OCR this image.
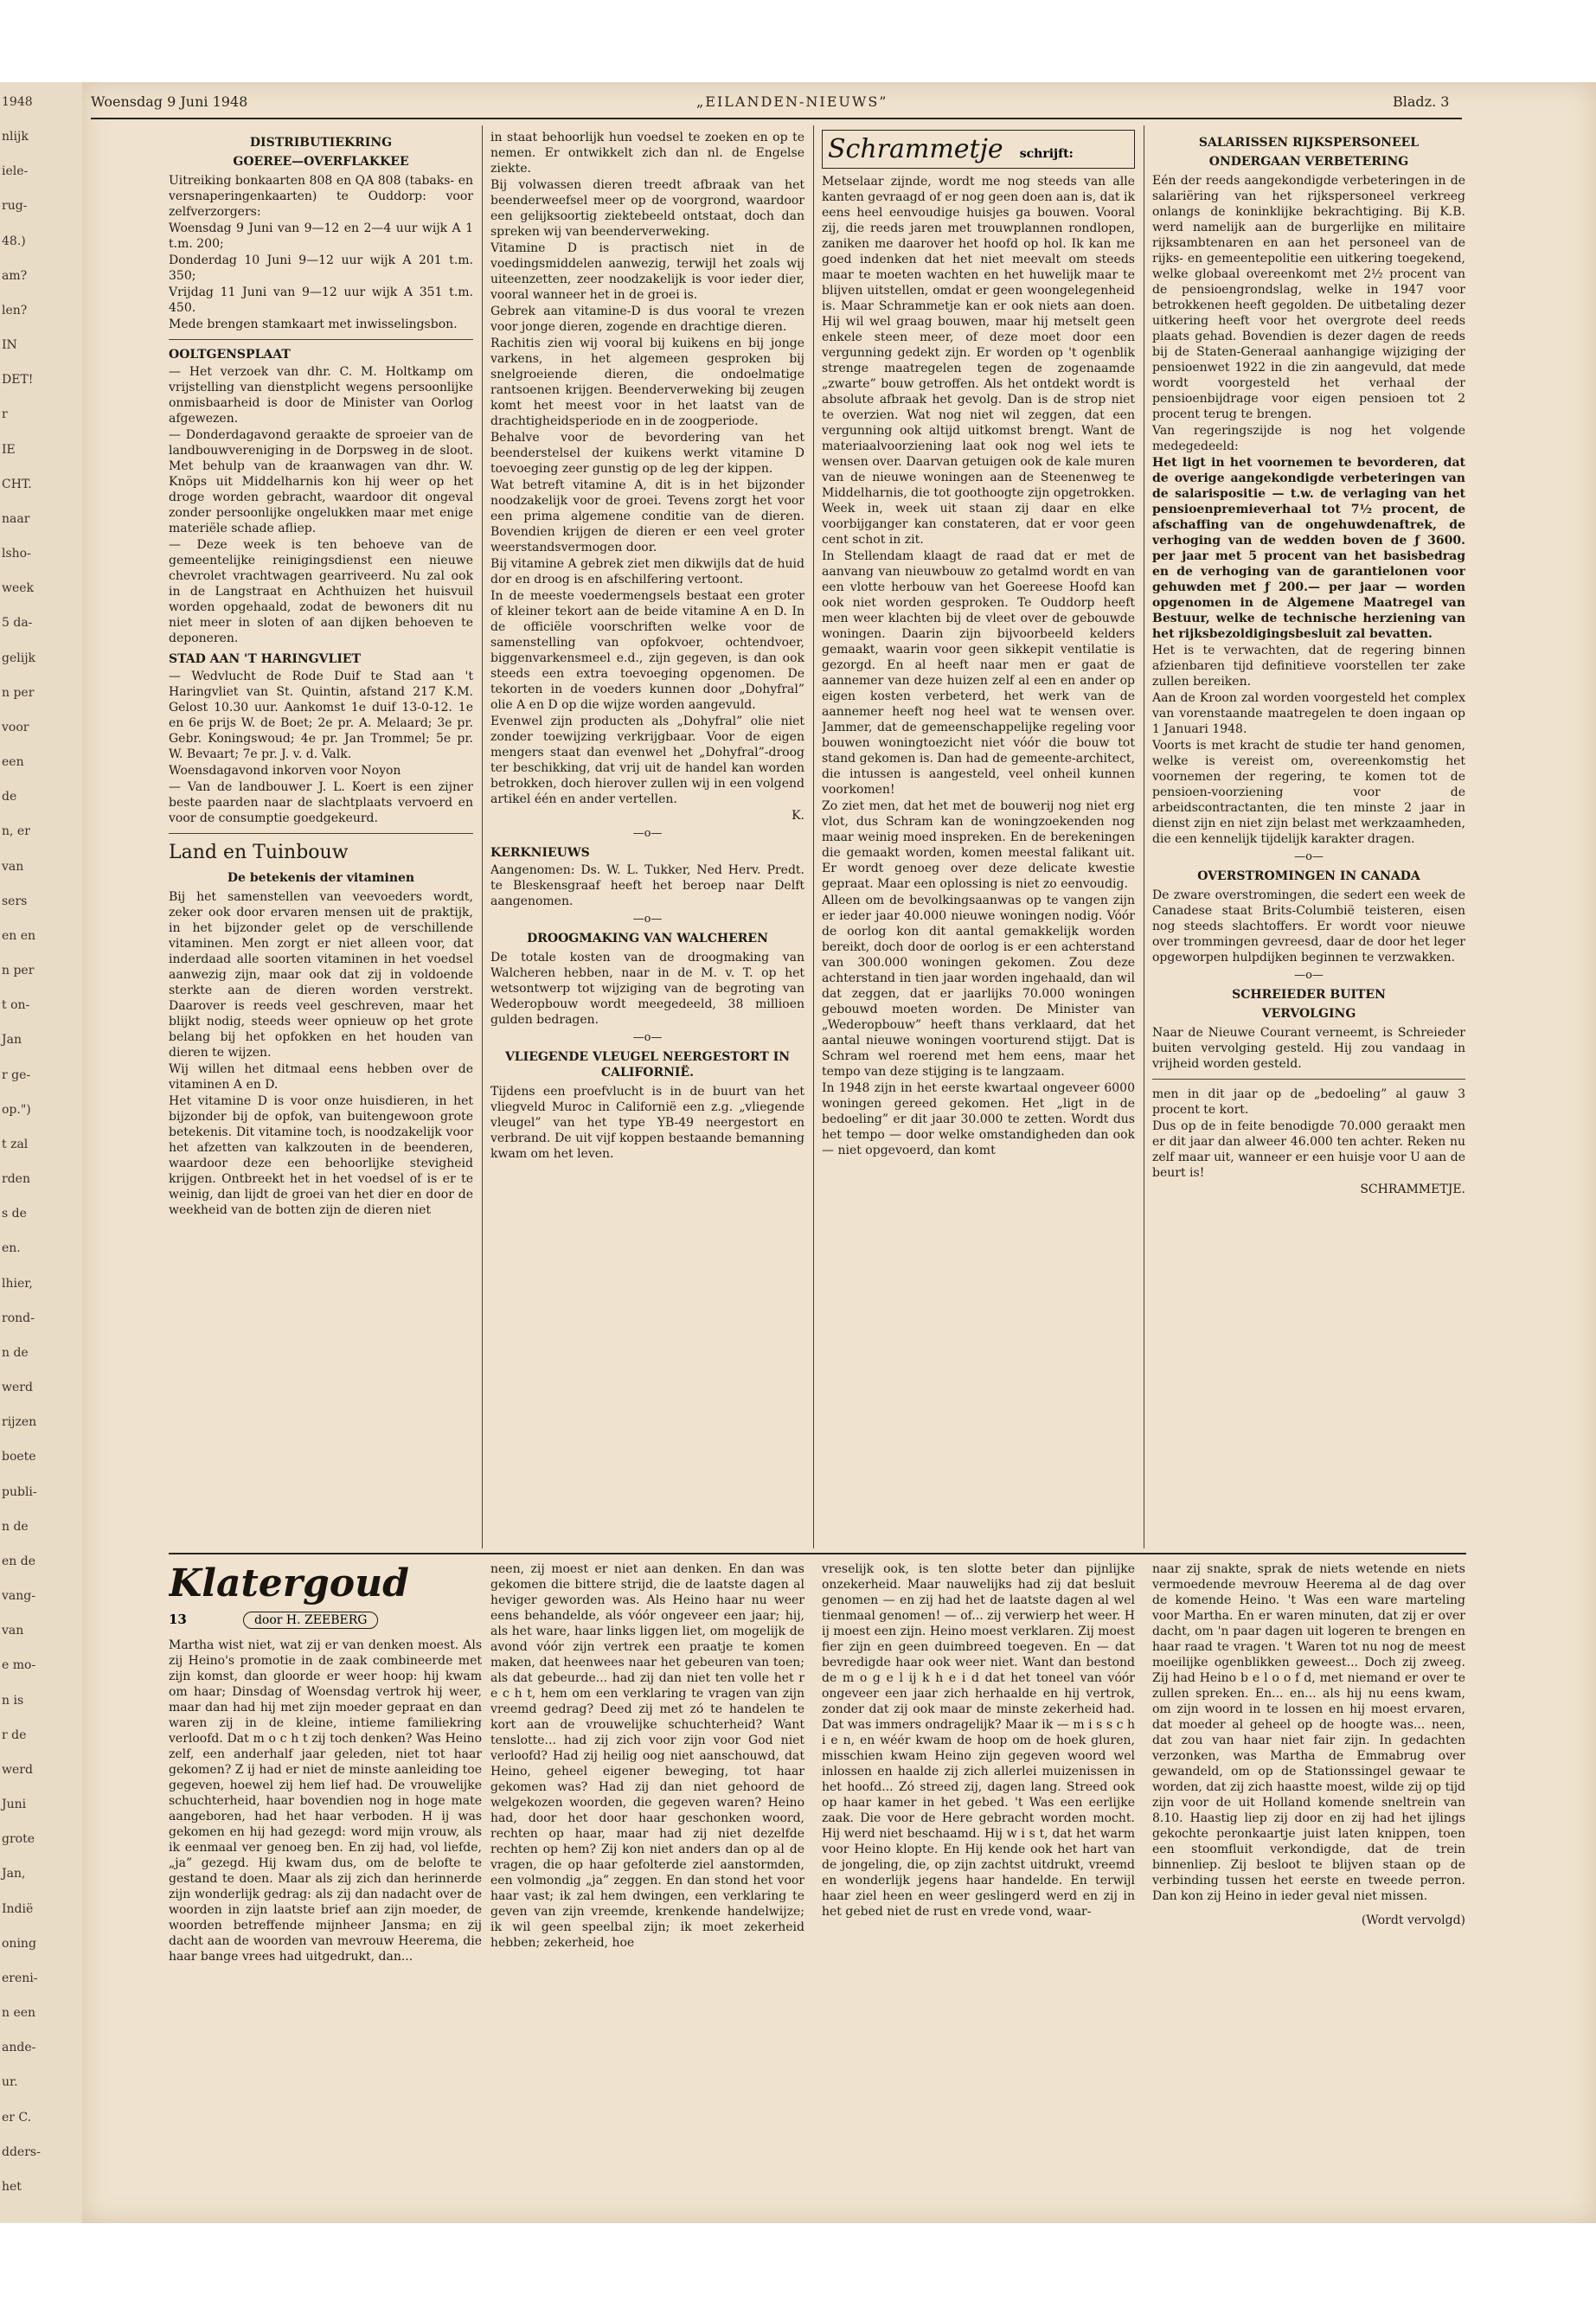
1948
nlijk
iele-
rug-
48.)
am?
len?
IN
DET!
r
IE
CHT.
naar
lsho-
week
5 da-
gelijk
n per
voor
een
de
n, er
van
sers
en en
n per
t on-
Jan
r ge-
op.")
t zal
rden
s de
en.
lhier,
rond-
n de
werd
rijzen
boete
publi-
n de
en de
vang-
van
e mo-
n is
r de
werd
Juni
grote
Jan,
Indië
oning
ereni-
n een
ande-
ur.
er C.
dders-
het
Woensdag 9 Juni 1948	„EILANDEN-NIEUWS”	Bladz. 3
DISTRIBUTIEKRING
GOEREE—OVERFLAKKEE

Uitreiking bonkaarten 808 en QA 808 (tabaks- en versnaperingenkaarten) te Ouddorp: voor zelfverzorgers:

Woensdag 9 Juni van 9—12 en 2—4 uur wijk A 1 t.m. 200;

Donderdag 10 Juni 9—12 uur wijk A 201 t.m. 350;

Vrijdag 11 Juni van 9—12 uur wijk A 351 t.m. 450.

Mede brengen stamkaart met inwisselingsbon.

OOLTGENSPLAAT

— Het verzoek van dhr. C. M. Holtkamp om vrijstelling van dienstplicht wegens persoonlijke onmisbaarheid is door de Minister van Oorlog afgewezen.

— Donderdagavond geraakte de sproeier van de landbouwvereniging in de Dorpsweg in de sloot. Met behulp van de kraanwagen van dhr. W. Knöps uit Middelharnis kon hij weer op het droge worden gebracht, waardoor dit ongeval zonder persoonlijke ongelukken maar met enige materiële schade afliep.

— Deze week is ten behoeve van de gemeentelijke reinigingsdienst een nieuwe chevrolet vrachtwagen gearriveerd. Nu zal ook in de Langstraat en Achthuizen het huisvuil worden opgehaald, zodat de bewoners dit nu niet meer in sloten of aan dijken behoeven te deponeren.

STAD AAN 'T HARINGVLIET

— Wedvlucht de Rode Duif te Stad aan 't Haringvliet van St. Quintin, afstand 217 K.M. Gelost 10.30 uur. Aankomst 1e duif 13-0-12. 1e en 6e prijs W. de Boet; 2e pr. A. Melaard; 3e pr. Gebr. Koningswoud; 4e pr. Jan Trommel; 5e pr. W. Bevaart; 7e pr. J. v. d. Valk.

Woensdagavond inkorven voor Noyon

— Van de landbouwer J. L. Koert is een zijner beste paarden naar de slachtplaats vervoerd en voor de consumptie goedgekeurd.

Land en Tuinbouw
De betekenis der vitaminen

Bij het samenstellen van veevoeders wordt, zeker ook door ervaren mensen uit de praktijk, in het bijzonder gelet op de verschillende vitaminen. Men zorgt er niet alleen voor, dat inderdaad alle soorten vitaminen in het voedsel aanwezig zijn, maar ook dat zij in voldoende sterkte aan de dieren worden verstrekt. Daarover is reeds veel geschreven, maar het blijkt nodig, steeds weer opnieuw op het grote belang bij het opfokken en het houden van dieren te wijzen.

Wij willen het ditmaal eens hebben over de vitaminen A en D.

Het vitamine D is voor onze huisdieren, in het bijzonder bij de opfok, van buitengewoon grote betekenis. Dit vitamine toch, is noodzakelijk voor het afzetten van kalkzouten in de beenderen, waardoor deze een behoorlijke stevigheid krijgen. Ontbreekt het in het voedsel of is er te weinig, dan lijdt de groei van het dier en door de weekheid van de botten zijn de dieren niet

in staat behoorlijk hun voedsel te zoeken en op te nemen. Er ontwikkelt zich dan nl. de Engelse ziekte.

Bij volwassen dieren treedt afbraak van het beenderweefsel meer op de voorgrond, waardoor een gelijksoortig ziektebeeld ontstaat, doch dan spreken wij van beenderverweking.

Vitamine D is practisch niet in de voedingsmiddelen aanwezig, terwijl het zoals wij uiteenzetten, zeer noodzakelijk is voor ieder dier, vooral wanneer het in de groei is.

Gebrek aan vitamine-D is dus vooral te vrezen voor jonge dieren, zogende en drachtige dieren.

Rachitis zien wij vooral bij kuikens en bij jonge varkens, in het algemeen gesproken bij snelgroeiende dieren, die ondoelmatige rantsoenen krijgen. Beenderverweking bij zeugen komt het meest voor in het laatst van de drachtigheidsperiode en in de zoogperiode.

Behalve voor de bevordering van het beenderstelsel der kuikens werkt vitamine D toevoeging zeer gunstig op de leg der kippen.

Wat betreft vitamine A, dit is in het bijzonder noodzakelijk voor de groei. Tevens zorgt het voor een prima algemene conditie van de dieren. Bovendien krijgen de dieren er een veel groter weerstandsvermogen door.

Bij vitamine A gebrek ziet men dikwijls dat de huid dor en droog is en afschilfering vertoont.

In de meeste voedermengsels bestaat een groter of kleiner tekort aan de beide vitamine A en D. In de officiële voorschriften welke voor de samenstelling van opfokvoer, ochtendvoer, biggenvarkensmeel e.d., zijn gegeven, is dan ook steeds een extra toevoeging opgenomen. De tekorten in de voeders kunnen door „Dohyfral” olie A en D op die wijze worden aangevuld.

Evenwel zijn producten als „Dohyfral” olie niet zonder toewijzing verkrijgbaar. Voor de eigen mengers staat dan evenwel het „Dohyfral”-droog ter beschikking, dat vrij uit de handel kan worden betrokken, doch hierover zullen wij in een volgend artikel één en ander vertellen.

K.

—o—
KERKNIEUWS

Aangenomen: Ds. W. L. Tukker, Ned Herv. Predt. te Bleskensgraaf heeft het beroep naar Delft aangenomen.

—o—
DROOGMAKING VAN WALCHEREN

De totale kosten van de droogmaking van Walcheren hebben, naar in de M. v. T. op het wetsontwerp tot wijziging van de begroting van Wederopbouw wordt meegedeeld, 38 millioen gulden bedragen.

—o—
VLIEGENDE VLEUGEL NEERGESTORT IN CALIFORNIË.

Tijdens een proefvlucht is in de buurt van het vliegveld Muroc in Californië een z.g. „vliegende vleugel” van het type YB-49 neergestort en verbrand. De uit vijf koppen bestaande bemanning kwam om het leven.

Schrammetje schrijft:

Metselaar zijnde, wordt me nog steeds van alle kanten gevraagd of er nog geen doen aan is, dat ik eens heel eenvoudige huisjes ga bouwen. Vooral zij, die reeds jaren met trouwplannen rondlopen, zaniken me daarover het hoofd op hol. Ik kan me goed indenken dat het niet meevalt om steeds maar te moeten wachten en het huwelijk maar te blijven uitstellen, omdat er geen woongelegenheid is. Maar Schrammetje kan er ook niets aan doen. Hij wil wel graag bouwen, maar hij metselt geen enkele steen meer, of deze moet door een vergunning gedekt zijn. Er worden op 't ogenblik strenge maatregelen tegen de zogenaamde „zwarte” bouw getroffen. Als het ontdekt wordt is absolute afbraak het gevolg. Dan is de strop niet te overzien. Wat nog niet wil zeggen, dat een vergunning ook altijd uitkomst brengt. Want de materiaalvoorziening laat ook nog wel iets te wensen over. Daarvan getuigen ook de kale muren van de nieuwe woningen aan de Steenenweg te Middelharnis, die tot goothoogte zijn opgetrokken. Week in, week uit staan zij daar en elke voorbijganger kan constateren, dat er voor geen cent schot in zit.

In Stellendam klaagt de raad dat er met de aanvang van nieuwbouw zo getalmd wordt en van een vlotte herbouw van het Goereese Hoofd kan ook niet worden gesproken. Te Ouddorp heeft men weer klachten bij de vleet over de gebouwde woningen. Daarin zijn bijvoorbeeld kelders gemaakt, waarin voor geen sikkepit ventilatie is gezorgd. En al heeft naar men er gaat de aannemer van deze huizen zelf al een en ander op eigen kosten verbeterd, het werk van de aannemer heeft nog heel wat te wensen over. Jammer, dat de gemeenschappelijke regeling voor bouwen woningtoezicht niet vóór die bouw tot stand gekomen is. Dan had de gemeente-architect, die intussen is aangesteld, veel onheil kunnen voorkomen!

Zo ziet men, dat het met de bouwerij nog niet erg vlot, dus Schram kan de woningzoekenden nog maar weinig moed inspreken. En de berekeningen die gemaakt worden, komen meestal falikant uit. Er wordt genoeg over deze delicate kwestie gepraat. Maar een oplossing is niet zo eenvoudig.

Alleen om de bevolkingsaanwas op te vangen zijn er ieder jaar 40.000 nieuwe woningen nodig. Vóór de oorlog kon dit aantal gemakkelijk worden bereikt, doch door de oorlog is er een achterstand van 300.000 woningen gekomen. Zou deze achterstand in tien jaar worden ingehaald, dan wil dat zeggen, dat er jaarlijks 70.000 woningen gebouwd moeten worden. De Minister van „Wederopbouw” heeft thans verklaard, dat het aantal nieuwe woningen voorturend stijgt. Dat is Schram wel roerend met hem eens, maar het tempo van deze stijging is te langzaam.

In 1948 zijn in het eerste kwartaal ongeveer 6000 woningen gereed gekomen. Het „ligt in de bedoeling” er dit jaar 30.000 te zetten. Wordt dus het tempo — door welke omstandigheden dan ook — niet opgevoerd, dan komt

SALARISSEN RIJKSPERSONEEL
ONDERGAAN VERBETERING

Eén der reeds aangekondigde verbeteringen in de salariëring van het rijkspersoneel verkreeg onlangs de koninklijke bekrachtiging. Bij K.B. werd namelijk aan de burgerlijke en militaire rijksambtenaren en aan het personeel van de rijks- en gemeentepolitie een uitkering toegekend, welke globaal overeenkomt met 2½ procent van de pensioengrondslag, welke in 1947 voor betrokkenen heeft gegolden. De uitbetaling dezer uitkering heeft voor het overgrote deel reeds plaats gehad. Bovendien is dezer dagen de reeds bij de Staten-Generaal aanhangige wijziging der pensioenwet 1922 in die zin aangevuld, dat mede wordt voorgesteld het verhaal der pensioenbijdrage voor eigen pensioen tot 2 procent terug te brengen.

Van regeringszijde is nog het volgende medegedeeld:

Het ligt in het voornemen te bevorderen, dat de overige aangekondigde verbeteringen van de salarispositie — t.w. de verlaging van het pensioenpremieverhaal tot 7½ procent, de afschaffing van de ongehuwdenaftrek, de verhoging van de wedden boven de ƒ 3600. per jaar met 5 procent van het basisbedrag en de verhoging van de garantielonen voor gehuwden met ƒ 200.— per jaar — worden opgenomen in de Algemene Maatregel van Bestuur, welke de technische herziening van het rijksbezoldigingsbesluit zal bevatten.

Het is te verwachten, dat de regering binnen afzienbaren tijd definitieve voorstellen ter zake zullen bereiken.

Aan de Kroon zal worden voorgesteld het complex van vorenstaande maatregelen te doen ingaan op 1 Januari 1948.

Voorts is met kracht de studie ter hand genomen, welke is vereist om, overeenkomstig het voornemen der regering, te komen tot de pensioen-voorziening voor de arbeidscontractanten, die ten minste 2 jaar in dienst zijn en niet zijn belast met werkzaamheden, die een kennelijk tijdelijk karakter dragen.

—o—
OVERSTROMINGEN IN CANADA

De zware overstromingen, die sedert een week de Canadese staat Brits-Columbië teisteren, eisen nog steeds slachtoffers. Er wordt voor nieuwe over trommingen gevreesd, daar de door het leger opgeworpen hulpdijken beginnen te verzwakken.

—o—
SCHREIEDER BUITEN
VERVOLGING

Naar de Nieuwe Courant verneemt, is Schreieder buiten vervolging gesteld. Hij zou vandaag in vrijheid worden gesteld.

men in dit jaar op de „bedoeling” al gauw 3 procent te kort.

Dus op de in feite benodigde 70.000 geraakt men er dit jaar dan alweer 46.000 ten achter. Reken nu zelf maar uit, wanneer er een huisje voor U aan de beurt is!

SCHRAMMETJE.

Klatergoud
13	door H. ZEEBERG

Martha wist niet, wat zij er van denken moest. Als zij Heino's promotie in de zaak combineerde met zijn komst, dan gloorde er weer hoop: hij kwam om haar; Dinsdag of Woensdag vertrok hij weer, maar dan had hij met zijn moeder gepraat en dan waren zij in de kleine, intieme familiekring verloofd. Dat m o c h t zij toch denken? Was Heino zelf, een anderhalf jaar geleden, niet tot haar gekomen? Z ij had er niet de minste aanleiding toe gegeven, hoewel zij hem lief had. De vrouwelijke schuchterheid, haar bovendien nog in hoge mate aangeboren, had het haar verboden. H ij was gekomen en hij had gezegd: word mijn vrouw, als ik eenmaal ver genoeg ben. En zij had, vol liefde, „ja” gezegd. Hij kwam dus, om de belofte te gestand te doen. Maar als zij zich dan herinnerde zijn wonderlijk gedrag: als zij dan nadacht over de woorden in zijn laatste brief aan zijn moeder, de woorden betreffende mijnheer Jansma; en zij dacht aan de woorden van mevrouw Heerema, die haar bange vrees had uitgedrukt, dan...

neen, zij moest er niet aan denken. En dan was gekomen die bittere strijd, die de laatste dagen al heviger geworden was. Als Heino haar nu weer eens behandelde, als vóór ongeveer een jaar; hij, als het ware, haar links liggen liet, om mogelijk de avond vóór zijn vertrek een praatje te komen maken, dat heenwees naar het gebeuren van toen; als dat gebeurde... had zij dan niet ten volle het r e c h t, hem om een verklaring te vragen van zijn vreemd gedrag? Deed zij met zó te handelen te kort aan de vrouwelijke schuchterheid? Want tenslotte... had zij zich voor zijn voor God niet verloofd? Had zij heilig oog niet aanschouwd, dat Heino, geheel eigener beweging, tot haar gekomen was? Had zij dan niet gehoord de welgekozen woorden, die gegeven waren? Heino had, door het door haar geschonken woord, rechten op haar, maar had zij niet dezelfde rechten op hem? Zij kon niet anders dan op al de vragen, die op haar gefolterde ziel aanstormden, een volmondig „ja” zeggen. En dan stond het voor haar vast; ik zal hem dwingen, een verklaring te geven van zijn vreemde, krenkende handelwijze; ik wil geen speelbal zijn; ik moet zekerheid hebben; zekerheid, hoe

vreselijk ook, is ten slotte beter dan pijnlijke onzekerheid. Maar nauwelijks had zij dat besluit genomen — en zij had het de laatste dagen al wel tienmaal genomen! — of... zij verwierp het weer. H ij moest een zijn. Heino moest verklaren. Zij moest fier zijn en geen duimbreed toegeven. En — dat bevredigde haar ook weer niet. Want dan bestond de m o g e l ij k h e i d dat het toneel van vóór ongeveer een jaar zich herhaalde en hij vertrok, zonder dat zij ook maar de minste zekerheid had. Dat was immers ondragelijk? Maar ik — m i s s c h i e n, en wéér kwam de hoop om de hoek gluren, misschien kwam Heino zijn gegeven woord wel inlossen en haalde zij zich allerlei muizenissen in het hoofd... Zó streed zij, dagen lang. Streed ook op haar kamer in het gebed. 't Was een eerlijke zaak. Die voor de Here gebracht worden mocht. Hij werd niet beschaamd. Hij w i s t, dat het warm voor Heino klopte. En Hij kende ook het hart van de jongeling, die, op zijn zachtst uitdrukt, vreemd en wonderlijk jegens haar handelde. En terwijl haar ziel heen en weer geslingerd werd en zij in het gebed niet de rust en vrede vond, waar-

naar zij snakte, sprak de niets wetende en niets vermoedende mevrouw Heerema al de dag over de komende Heino. 't Was een ware marteling voor Martha. En er waren minuten, dat zij er over dacht, om 'n paar dagen uit logeren te brengen en haar raad te vragen. 't Waren tot nu nog de meest moeilijke ogenblikken geweest... Doch zij zweeg. Zij had Heino b e l o o f d, met niemand er over te zullen spreken. En... en... als hij nu eens kwam, om zijn woord in te lossen en hij moest ervaren, dat moeder al geheel op de hoogte was... neen, dat zou van haar niet fair zijn. In gedachten verzonken, was Martha de Emmabrug over gewandeld, om op de Stationssingel gewaar te worden, dat zij zich haastte moest, wilde zij op tijd zijn voor de uit Holland komende sneltrein van 8.10. Haastig liep zij door en zij had het ijlings gekochte peronkaartje juist laten knippen, toen een stoomfluit verkondigde, dat de trein binnenliep. Zij besloot te blijven staan op de verbinding tussen het eerste en tweede perron. Dan kon zij Heino in ieder geval niet missen.

(Wordt vervolgd)
